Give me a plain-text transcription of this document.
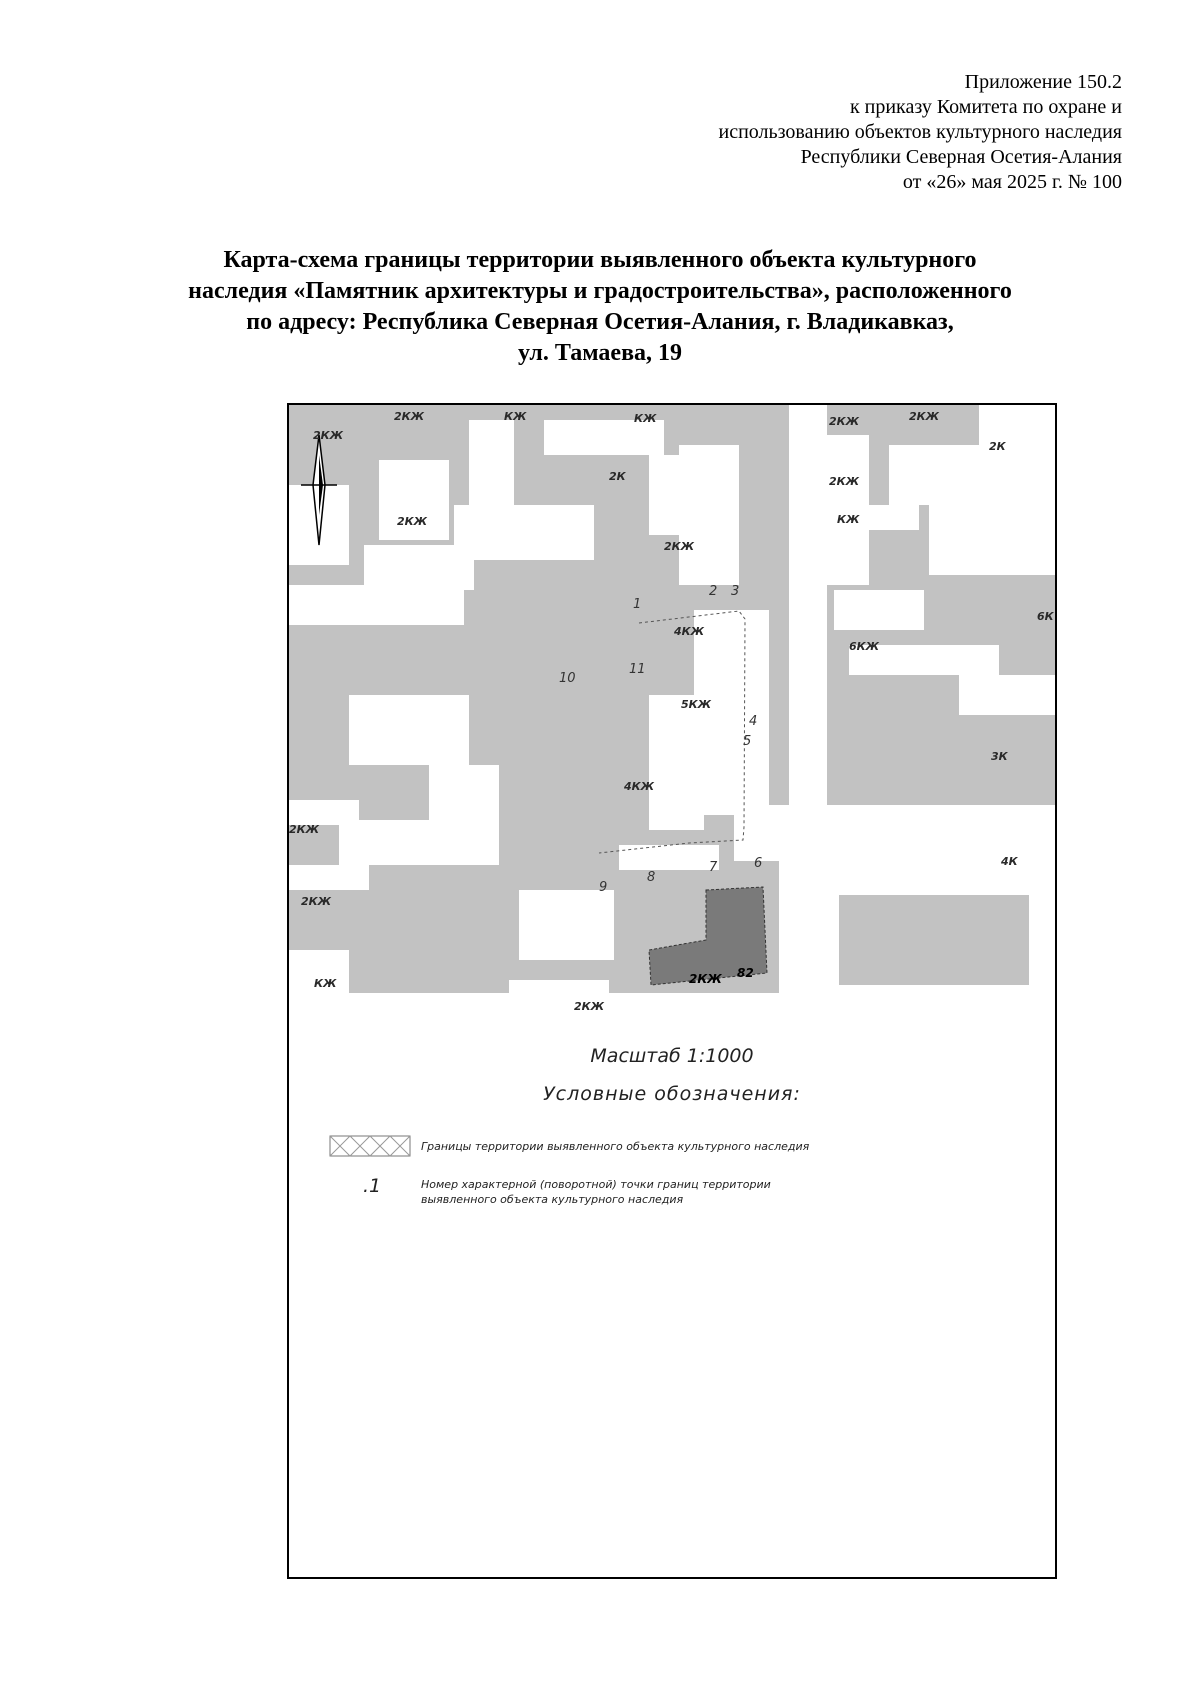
Приложение 150.2
к приказу Комитета по охране и
использованию объектов культурного наследия
Республики Северная Осетия-Алания
от «26» мая 2025 г. № 100
Карта-схема границы территории выявленного объекта культурного
наследия «Памятник архитектуры и градостроительства», расположенного
по адресу: Республика Северная Осетия-Алания, г. Владикавказ,
ул. Тамаева, 19
2КЖ	КЖ	КЖ	2КЖ
2К
2КЖ
2К	2КЖ
КЖ
2КЖ
4КЖ
5КЖ
4КЖ
6КЖ
6К
3К
4К
2КЖ
2КЖ
КЖ
2КЖ
2КЖ
2КЖ
2КЖ 82
1
2 3
4
5
6
7
8
9
10
11
Масштаб 1:1000
Условные обозначения:
Границы территории выявленного объекта культурного наследия
.1	Номер характерной (поворотной) точки границ территории
выявленного объекта культурного наследия
